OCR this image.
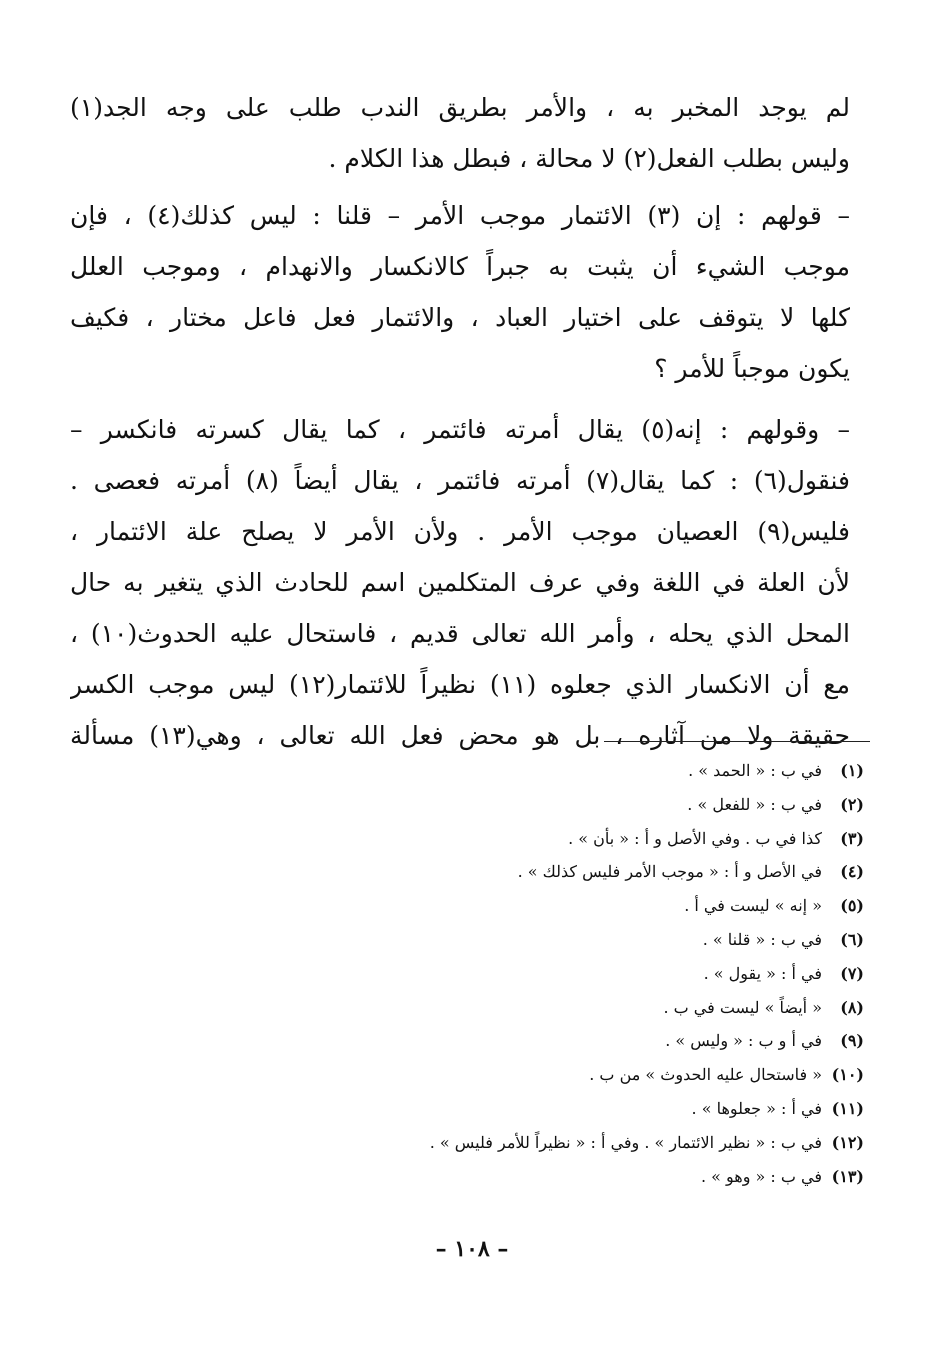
لم يوجد المخبر به ، والأمر بطريق الندب طلب على وجه الجد(١)
وليس بطلب الفعل(٢) لا محالة ، فبطل هذا الكلام .
– قولهم : إن (٣) الائتمار موجب الأمر – قلنا : ليس كذلك(٤) ، فإن
موجب الشيء أن يثبت به جبراً كالانكسار والانهدام ، وموجب العلل
كلها لا يتوقف على اختيار العباد ، والائتمار فعل فاعل مختار ، فكيف
يكون موجباً للأمر ؟
– وقولهم : إنه(٥) يقال أمرته فائتمر ، كما يقال كسرته فانكسر –
فنقول(٦) : كما يقال(٧) أمرته فائتمر ، يقال أيضاً (٨) أمرته فعصى .
فليس(٩) العصيان موجب الأمر . ولأن الأمر لا يصلح علة الائتمار ،
لأن العلة في اللغة وفي عرف المتكلمين اسم للحادث الذي يتغير به حال
المحل الذي يحله ، وأمر الله تعالى قديم ، فاستحال عليه الحدوث(١٠) ،
مع أن الانكسار الذي جعلوه (١١) نظيراً للائتمار(١٢) ليس موجب الكسر
حقيقة ولا من آثاره ، بل هو محض فعل الله تعالى ، وهي(١٣) مسألة
(١)في ب : « الحمد » .
(٢)في ب : « للفعل » .
(٣)كذا في ب . وفي الأصل و أ : « بأن » .
(٤)في الأصل و أ : « موجب الأمر فليس كذلك » .
(٥)« إنه » ليست في أ .
(٦)في ب : « قلنا » .
(٧)في أ : « يقول » .
(٨)« أيضاً » ليست في ب .
(٩)في أ و ب : « وليس » .
(١٠)« فاستحال عليه الحدوث » من ب .
(١١)في أ : « جعلوها » .
(١٢)في ب : « نظير الائتمار » . وفي أ : « نظيراً للأمر فليس » .
(١٣)في ب : « وهو » .
– ١٠٨ –
